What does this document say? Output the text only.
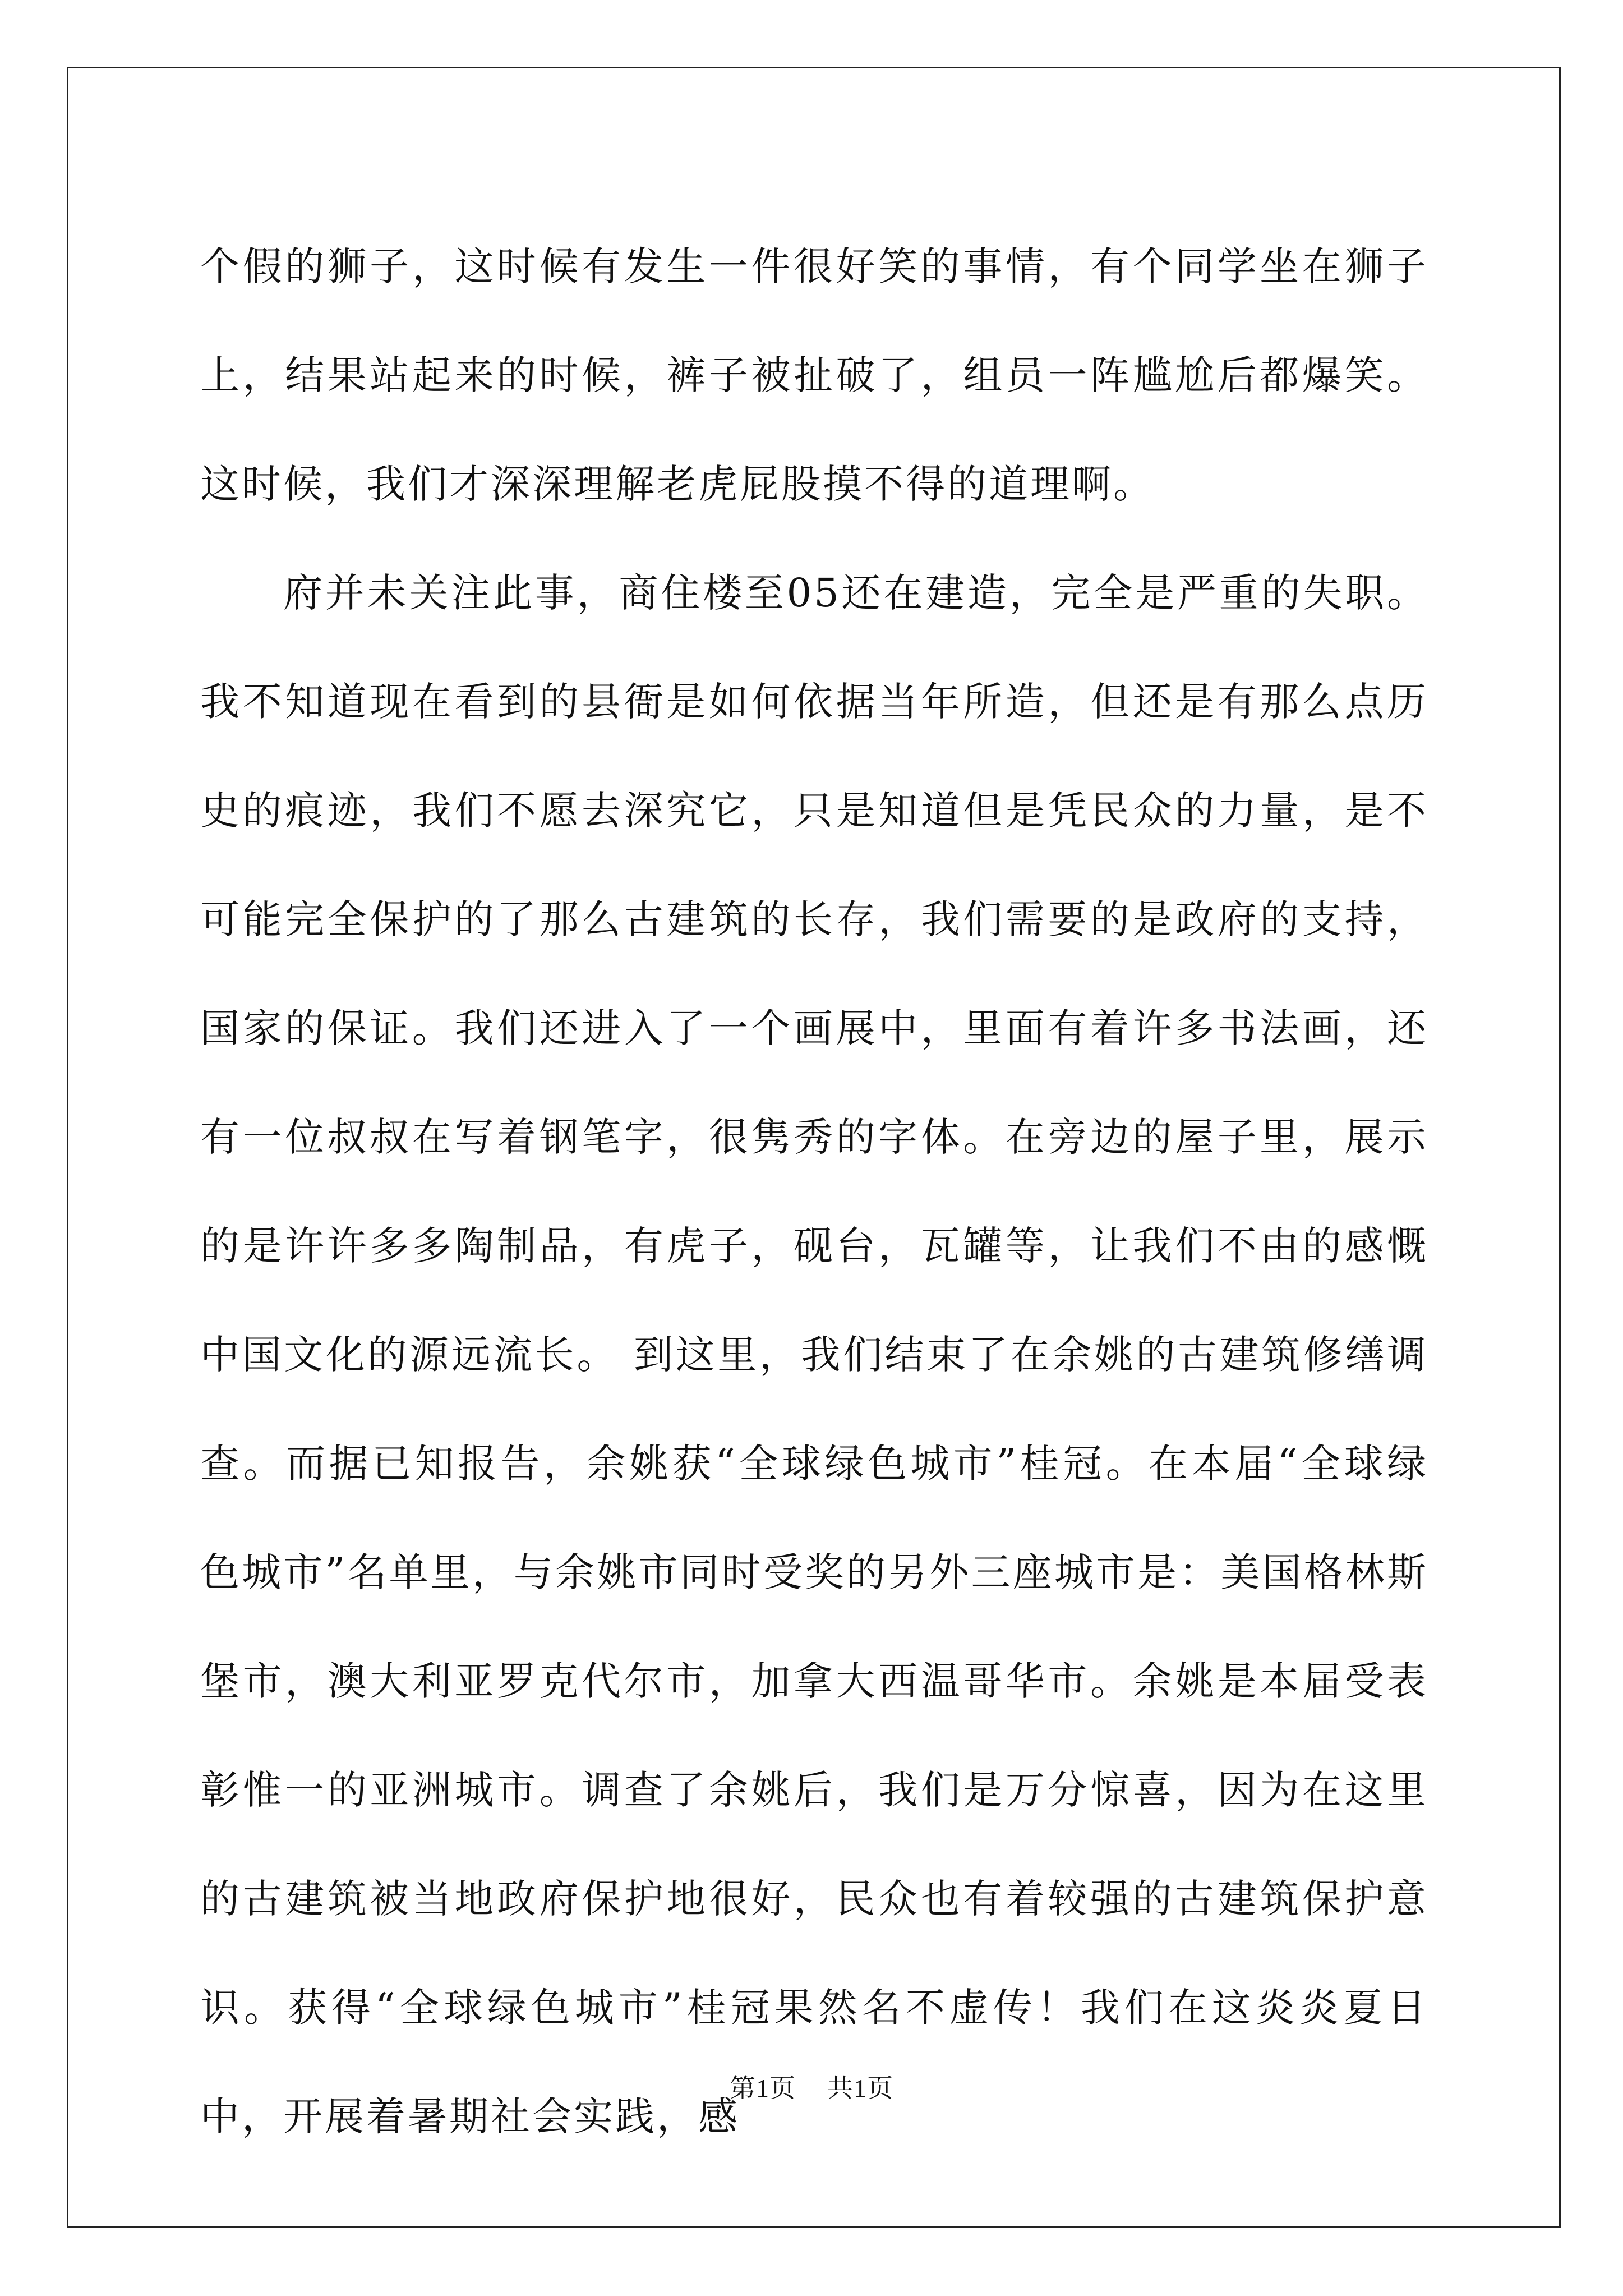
个假的狮子，这时候有发生一件很好笑的事情，有个同学坐在狮子上，结果站起来的时候，裤子被扯破了，组员一阵尴尬后都爆笑。这时候，我们才深深理解老虎屁股摸不得的道理啊。

府并未关注此事，商住楼至05还在建造，完全是严重的失职。我不知道现在看到的县衙是如何依据当年所造，但还是有那么点历史的痕迹，我们不愿去深究它，只是知道但是凭民众的力量，是不可能完全保护的了那么古建筑的长存，我们需要的是政府的支持，国家的保证。我们还进入了一个画展中，里面有着许多书法画，还有一位叔叔在写着钢笔字，很隽秀的字体。在旁边的屋子里，展示的是许许多多陶制品，有虎子，砚台，瓦罐等，让我们不由的感慨中国文化的源远流长。 到这里，我们结束了在余姚的古建筑修缮调查。而据已知报告，余姚获“全球绿色城市”桂冠。在本届“全球绿色城市”名单里，与余姚市同时受奖的另外三座城市是：美国格林斯堡市，澳大利亚罗克代尔市，加拿大西温哥华市。余姚是本届受表彰惟一的亚洲城市。调查了余姚后，我们是万分惊喜，因为在这里的古建筑被当地政府保护地很好，民众也有着较强的古建筑保护意识。获得“全球绿色城市”桂冠果然名不虚传！我们在这炎炎夏日中，开展着暑期社会实践，感

第1页 共1页
